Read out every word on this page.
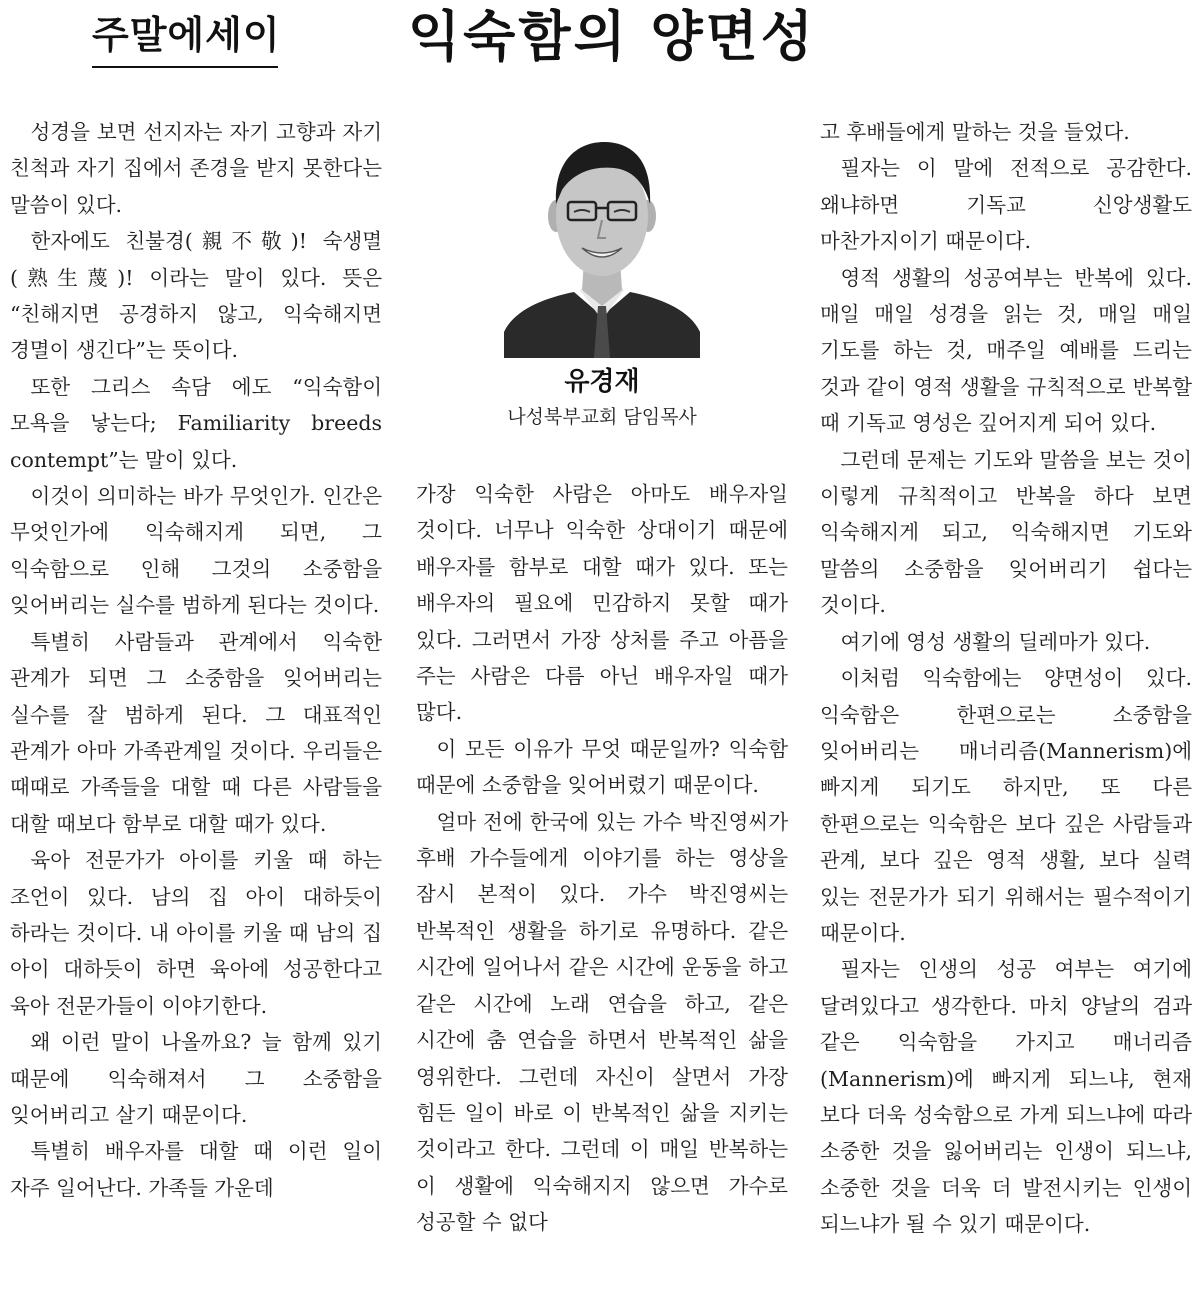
주말에세이 익숙함의 양면성

성경을 보면 선지자는 자기 고향과 자기 친척과 자기 집에서 존경을 받지 못한다는 말씀이 있다.

한자에도 친불경(親不敬)! 숙생멸(熟生蔑)! 이라는 말이 있다. 뜻은 “친해지면 공경하지 않고, 익숙해지면 경멸이 생긴다”는 뜻이다.

또한 그리스 속담 에도 “익숙함이 모욕을 낳는다; Familiarity breeds contempt”는 말이 있다.

이것이 의미하는 바가 무엇인가. 인간은 무엇인가에 익숙해지게 되면, 그 익숙함으로 인해 그것의 소중함을 잊어버리는 실수를 범하게 된다는 것이다.

특별히 사람들과 관계에서 익숙한 관계가 되면 그 소중함을 잊어버리는 실수를 잘 범하게 된다. 그 대표적인 관계가 아마 가족관계일 것이다. 우리들은 때때로 가족들을 대할 때 다른 사람들을 대할 때보다 함부로 대할 때가 있다.

육아 전문가가 아이를 키울 때 하는 조언이 있다. 남의 집 아이 대하듯이 하라는 것이다. 내 아이를 키울 때 남의 집 아이 대하듯이 하면 육아에 성공한다고 육아 전문가들이 이야기한다.

왜 이런 말이 나올까요? 늘 함께 있기 때문에 익숙해져서 그 소중함을 잊어버리고 살기 때문이다.

특별히 배우자를 대할 때 이런 일이 자주 일어난다. 가족들 가운데

유경재
나성북부교회 담임목사

가장 익숙한 사람은 아마도 배우자일 것이다. 너무나 익숙한 상대이기 때문에 배우자를 함부로 대할 때가 있다. 또는 배우자의 필요에 민감하지 못할 때가 있다. 그러면서 가장 상처를 주고 아픔을 주는 사람은 다름 아닌 배우자일 때가 많다.

이 모든 이유가 무엇 때문일까? 익숙함 때문에 소중함을 잊어버렸기 때문이다.

얼마 전에 한국에 있는 가수 박진영씨가 후배 가수들에게 이야기를 하는 영상을 잠시 본적이 있다. 가수 박진영씨는 반복적인 생활을 하기로 유명하다. 같은 시간에 일어나서 같은 시간에 운동을 하고 같은 시간에 노래 연습을 하고, 같은 시간에 춤 연습을 하면서 반복적인 삶을 영위한다. 그런데 자신이 살면서 가장 힘든 일이 바로 이 반복적인 삶을 지키는 것이라고 한다. 그런데 이 매일 반복하는 이 생활에 익숙해지지 않으면 가수로 성공할 수 없다

고 후배들에게 말하는 것을 들었다.

필자는 이 말에 전적으로 공감한다. 왜냐하면 기독교 신앙생활도 마찬가지이기 때문이다.

영적 생활의 성공여부는 반복에 있다. 매일 매일 성경을 읽는 것, 매일 매일 기도를 하는 것, 매주일 예배를 드리는 것과 같이 영적 생활을 규칙적으로 반복할 때 기독교 영성은 깊어지게 되어 있다.

그런데 문제는 기도와 말씀을 보는 것이 이렇게 규칙적이고 반복을 하다 보면 익숙해지게 되고, 익숙해지면 기도와 말씀의 소중함을 잊어버리기 쉽다는 것이다.

여기에 영성 생활의 딜레마가 있다.

이처럼 익숙함에는 양면성이 있다. 익숙함은 한편으로는 소중함을 잊어버리는 매너리즘(Mannerism)에 빠지게 되기도 하지만, 또 다른 한편으로는 익숙함은 보다 깊은 사람들과 관계, 보다 깊은 영적 생활, 보다 실력 있는 전문가가 되기 위해서는 필수적이기 때문이다.

필자는 인생의 성공 여부는 여기에 달려있다고 생각한다. 마치 양날의 검과 같은 익숙함을 가지고 매너리즘(Mannerism)에 빠지게 되느냐, 현재 보다 더욱 성숙함으로 가게 되느냐에 따라 소중한 것을 잃어버리는 인생이 되느냐, 소중한 것을 더욱 더 발전시키는 인생이 되느냐가 될 수 있기 때문이다.
